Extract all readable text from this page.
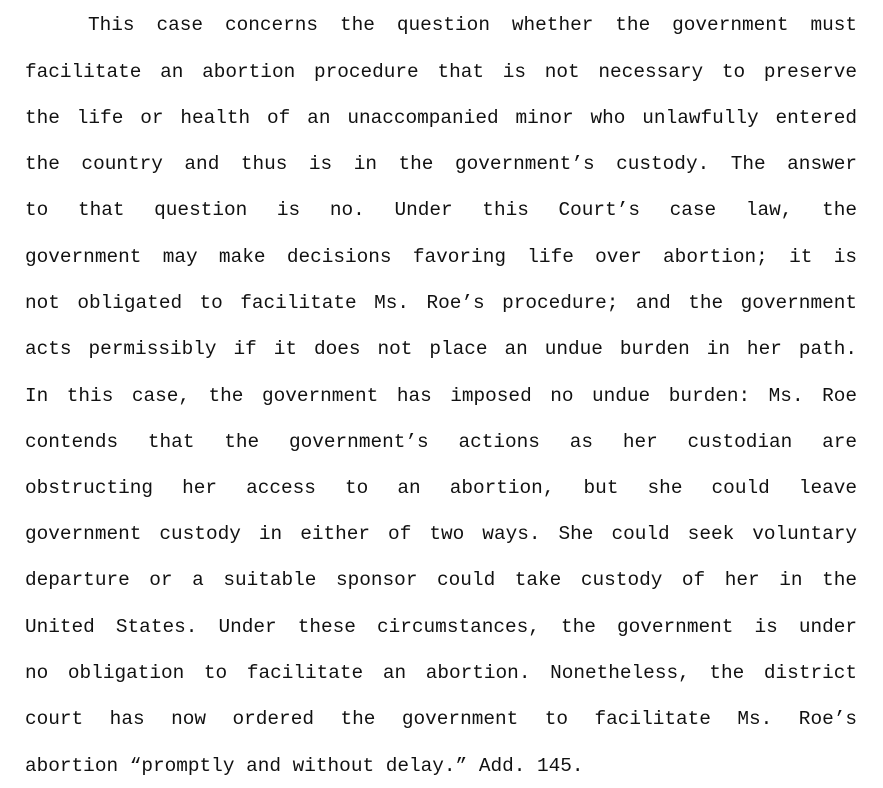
This case concerns the question whether the government must
facilitate an abortion procedure that is not necessary to preserve
the life or health of an unaccompanied minor who unlawfully entered
the country and thus is in the government’s custody. The answer
to that question is no. Under this Court’s case law, the
government may make decisions favoring life over abortion; it is
not obligated to facilitate Ms. Roe’s procedure; and the government
acts permissibly if it does not place an undue burden in her path.
In this case, the government has imposed no undue burden: Ms. Roe
contends that the government’s actions as her custodian are
obstructing her access to an abortion, but she could leave
government custody in either of two ways. She could seek voluntary
departure or a suitable sponsor could take custody of her in the
United States. Under these circumstances, the government is under
no obligation to facilitate an abortion. Nonetheless, the district
court has now ordered the government to facilitate Ms. Roe’s
abortion “promptly and without delay.” Add. 145.
